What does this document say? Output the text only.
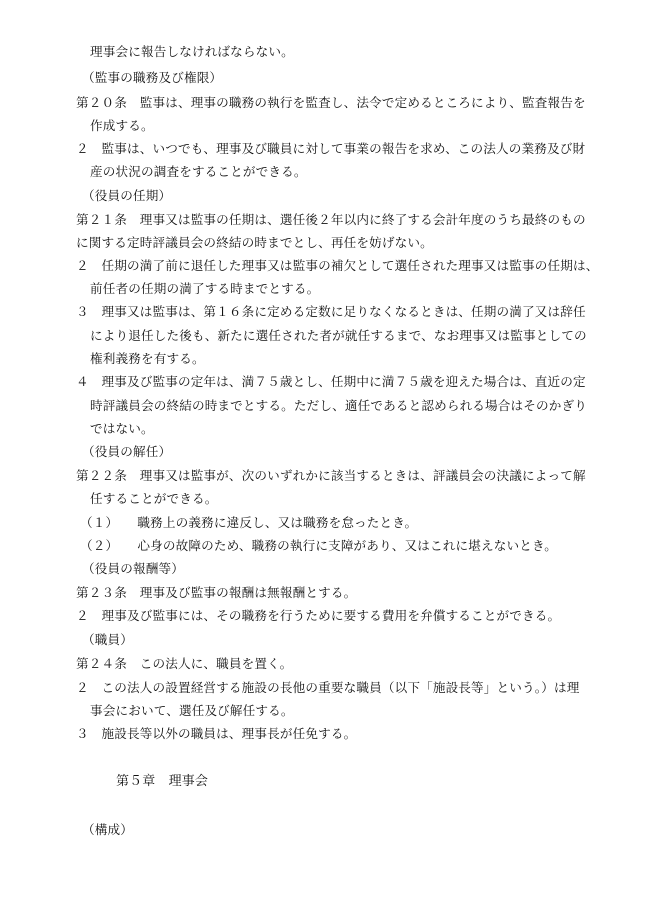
理事会に報告しなければならない。
（監事の職務及び権限）
第２０条　監事は、理事の職務の執行を監査し、法令で定めるところにより、監査報告を
作成する。
２　監事は、いつでも、理事及び職員に対して事業の報告を求め、この法人の業務及び財
産の状況の調査をすることができる。
（役員の任期）
第２１条　理事又は監事の任期は、選任後２年以内に終了する会計年度のうち最終のもの
に関する定時評議員会の終結の時までとし、再任を妨げない。
２　任期の満了前に退任した理事又は監事の補欠として選任された理事又は監事の任期は、
前任者の任期の満了する時までとする。
３　理事又は監事は、第１６条に定める定数に足りなくなるときは、任期の満了又は辞任
により退任した後も、新たに選任された者が就任するまで、なお理事又は監事としての
権利義務を有する。
４　理事及び監事の定年は、満７５歳とし、任期中に満７５歳を迎えた場合は、直近の定
時評議員会の終結の時までとする。ただし、適任であると認められる場合はそのかぎり
ではない。
（役員の解任）
第２２条　理事又は監事が、次のいずれかに該当するときは、評議員会の決議によって解
任することができる。
（１）　　職務上の義務に違反し、又は職務を怠ったとき。
（２）　　心身の故障のため、職務の執行に支障があり、又はこれに堪えないとき。
（役員の報酬等）
第２３条　理事及び監事の報酬は無報酬とする。
２　理事及び監事には、その職務を行うために要する費用を弁償することができる。
（職員）
第２４条　この法人に、職員を置く。
２　この法人の設置経営する施設の長他の重要な職員（以下「施設長等」という。）は理
事会において、選任及び解任する。
３　施設長等以外の職員は、理事長が任免する。
第５章　理事会
（構成）
